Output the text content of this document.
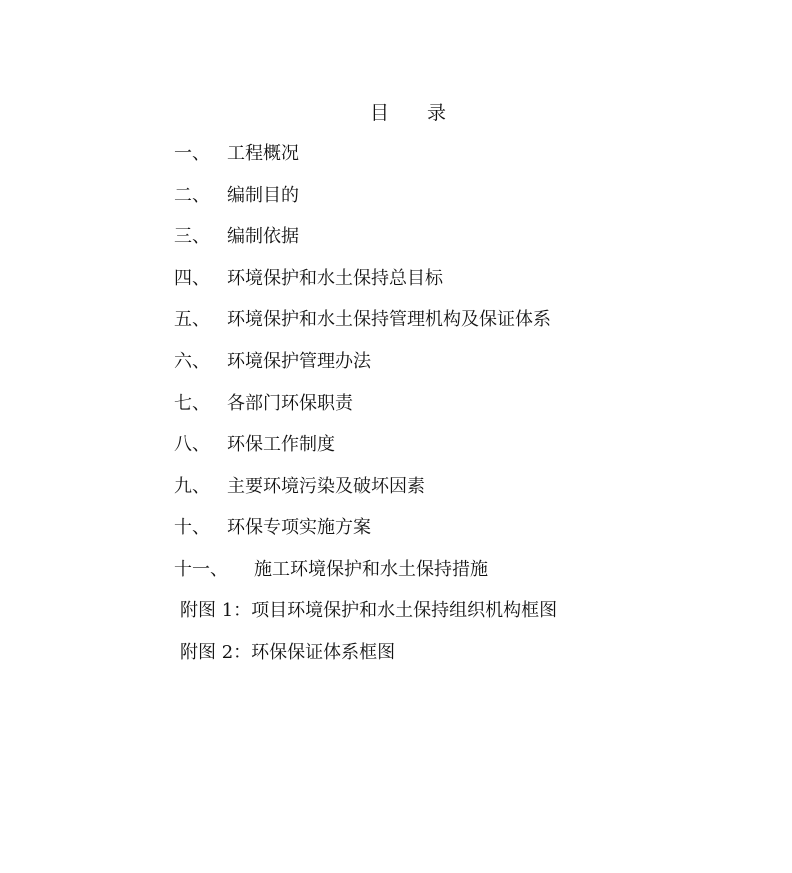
目　　录
一、 工程概况
二、 编制目的
三、 编制依据
四、 环境保护和水土保持总目标
五、 环境保护和水土保持管理机构及保证体系
六、 环境保护管理办法
七、 各部门环保职责
八、 环保工作制度
九、 主要环境污染及破坏因素
十、 环保专项实施方案
十一、	施工环境保护和水土保持措施
附图 1：项目环境保护和水土保持组织机构框图
附图 2：环保保证体系框图
